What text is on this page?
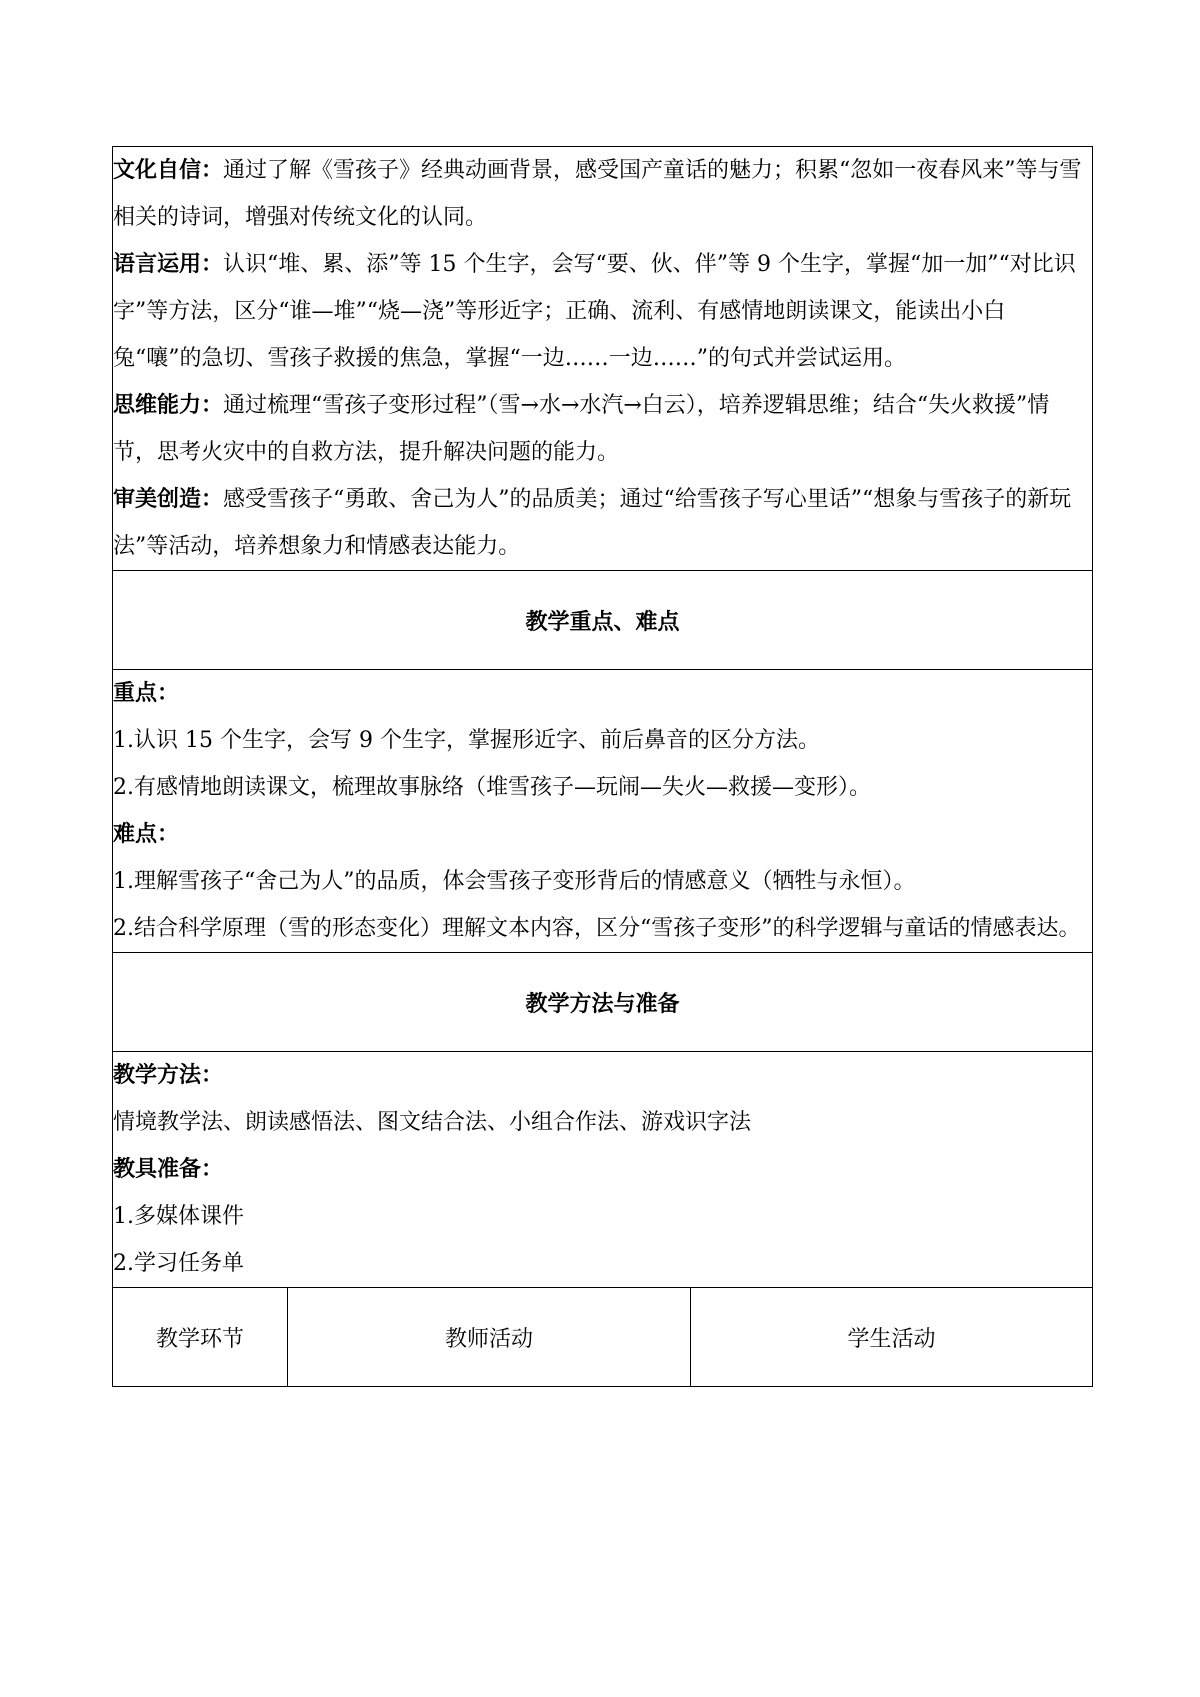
文化自信：通过了解《雪孩子》经典动画背景，感受国产童话的魅力；积累“忽如一夜春风来”等与雪相关的诗词，增强对传统文化的认同。

语言运用：认识“堆、累、添”等 15 个生字，会写“要、伙、伴”等 9 个生字，掌握“加一加”“对比识字”等方法，区分“谁—堆”“烧—浇”等形近字；正确、流利、有感情地朗读课文，能读出小白兔“嚷”的急切、雪孩子救援的焦急，掌握“一边……一边……”的句式并尝试运用。

思维能力：通过梳理“雪孩子变形过程”（雪→水→水汽→白云），培养逻辑思维；结合“失火救援”情节，思考火灾中的自救方法，提升解决问题的能力。

审美创造：感受雪孩子“勇敢、舍己为人”的品质美；通过“给雪孩子写心里话”“想象与雪孩子的新玩法”等活动，培养想象力和情感表达能力。

教学重点、难点

重点：

1.认识 15 个生字，会写 9 个生字，掌握形近字、前后鼻音的区分方法。

2.有感情地朗读课文，梳理故事脉络（堆雪孩子—玩闹—失火—救援—变形）。

难点：

1.理解雪孩子“舍己为人”的品质，体会雪孩子变形背后的情感意义（牺牲与永恒）。

2.结合科学原理（雪的形态变化）理解文本内容，区分“雪孩子变形”的科学逻辑与童话的情感表达。

教学方法与准备

教学方法：

情境教学法、朗读感悟法、图文结合法、小组合作法、游戏识字法

教具准备：

1.多媒体课件

2.学习任务单

教学环节	教师活动	学生活动
